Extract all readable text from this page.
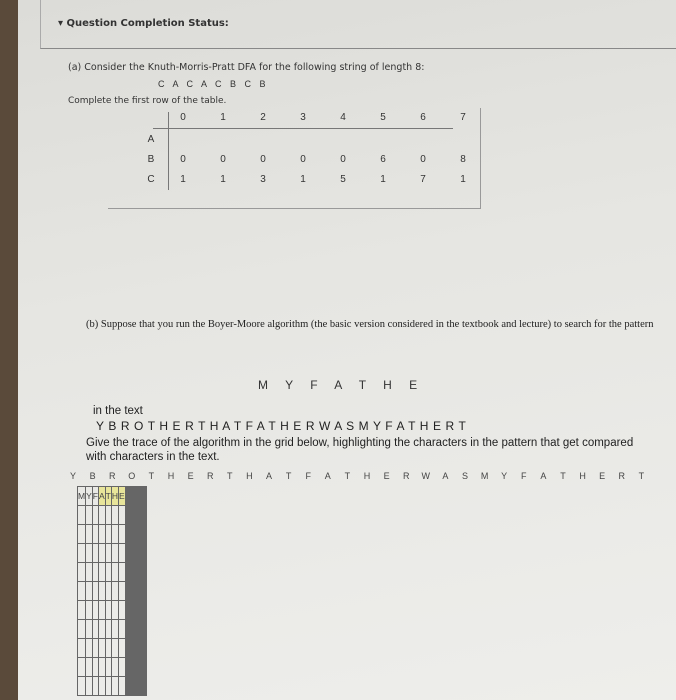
▾ Question Completion Status:
(a) Consider the Knuth-Morris-Pratt DFA for the following string of length 8:
C A C A C B C B
Complete the first row of the table.
0	1	2	3	4	5	6	7
A
B	0	0	0	0	0	6	0	8
C	1	1	3	1	5	1	7	1
(b) Suppose that you run the Boyer-Moore algorithm (the basic version considered in the textbook and lecture) to search for the pattern
M Y F A T H E
in the text
Y B R O T H E R T H A T F A T H E R W A S M Y F A T H E R T
Give the trace of the algorithm in the grid below, highlighting the characters in the pattern that get compared with characters in the text.
Y	B	R	O	T	H	E	R	T	H	A	T	F	A	T	H	E	R	W	A	S	M	Y	F	A	T	H	E	R	T
M	Y	F	A	T	H	E																					
